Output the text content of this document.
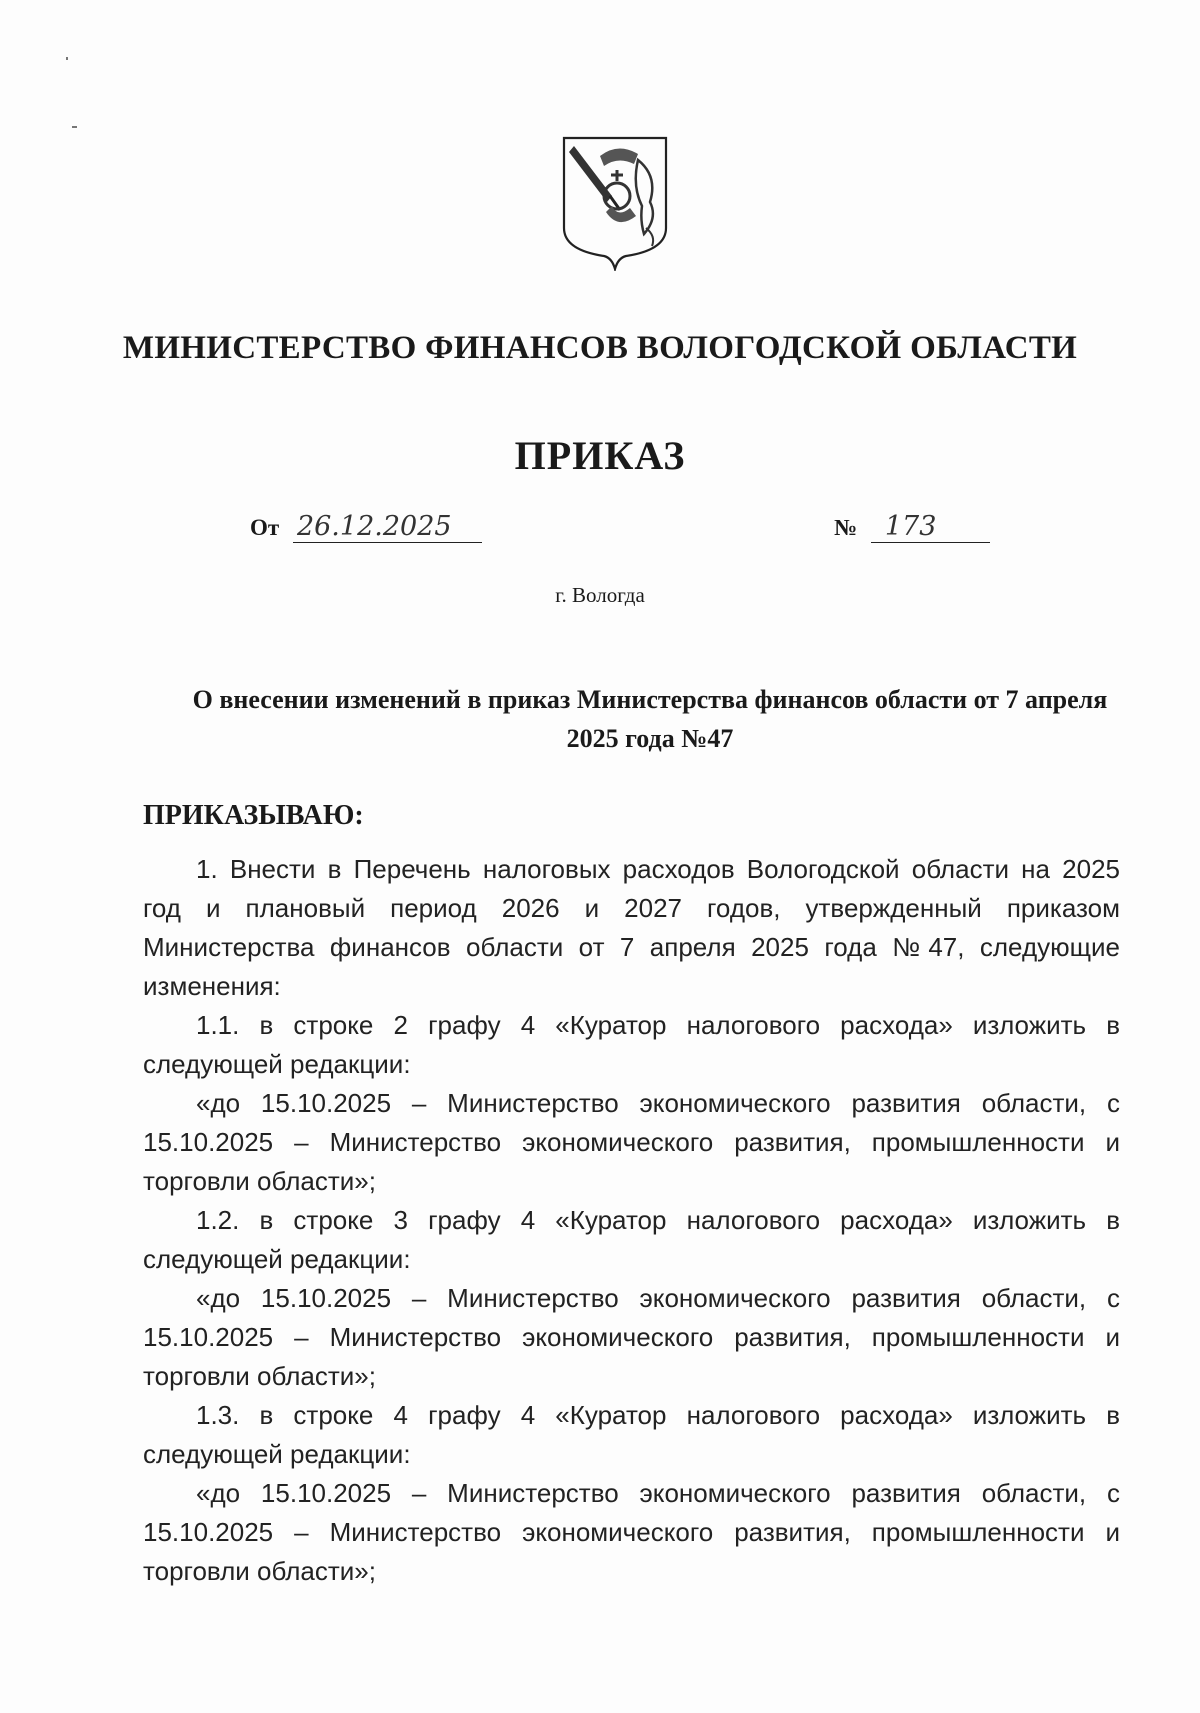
МИНИСТЕРСТВО ФИНАНСОВ ВОЛОГОДСКОЙ ОБЛАСТИ
ПРИКАЗ
От 26.12.2025	№ 173
г. Вологда
О внесении изменений в приказ Министерства финансов области от 7 апреля 2025 года №47
ПРИКАЗЫВАЮ:

1. Внести в Перечень налоговых расходов Вологодской области на 2025 год и плановый период 2026 и 2027 годов, утвержденный приказом Министерства финансов области от 7 апреля 2025 года №47, следующие изменения:

1.1. в строке 2 графу 4 «Куратор налогового расхода» изложить в следующей редакции:

«до 15.10.2025 – Министерство экономического развития области, с 15.10.2025 – Министерство экономического развития, промышленности и торговли области»;

1.2. в строке 3 графу 4 «Куратор налогового расхода» изложить в следующей редакции:

«до 15.10.2025 – Министерство экономического развития области, с 15.10.2025 – Министерство экономического развития, промышленности и торговли области»;

1.3. в строке 4 графу 4 «Куратор налогового расхода» изложить в следующей редакции:

«до 15.10.2025 – Министерство экономического развития области, с 15.10.2025 – Министерство экономического развития, промышленности и торговли области»;
